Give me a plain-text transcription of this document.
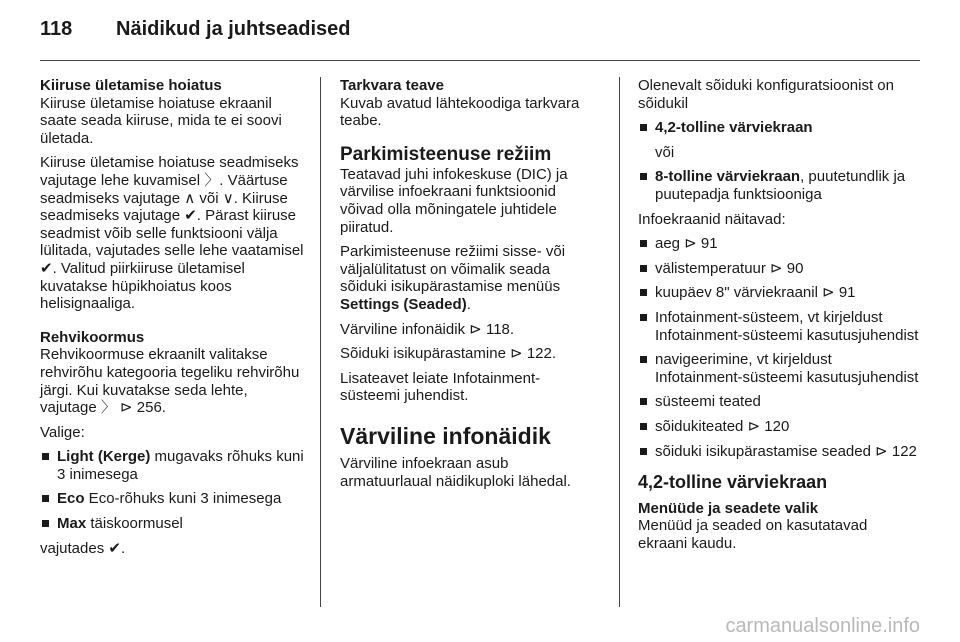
118 Näidikud ja juhtseadised
Kiiruse ületamise hoiatus
Kiiruse ületamise hoiatuse ekraanil saate seada kiiruse, mida te ei soovi ületada.
Kiiruse ületamise hoiatuse seadmiseks vajutage lehe kuvamisel 〉. Väärtuse seadmiseks vajutage ∧ või ∨. Kiiruse seadmiseks vajutage ✔. Pärast kiiruse seadmist võib selle funktsiooni välja lülitada, vajutades selle lehe vaatamisel ✔. Valitud piirkiiruse ületamisel kuvatakse hüpikhoiatus koos helisignaaliga.
Rehvikoormus
Rehvikoormuse ekraanilt valitakse rehvirõhu kategooria tegeliku rehvirõhu järgi. Kui kuvatakse seda lehte, vajutage 〉 ⊳ 256.
Valige:
Light (Kerge) mugavaks rõhuks kuni 3 inimesega
Eco Eco-rõhuks kuni 3 inimesega
Max täiskoormusel
vajutades ✔.
Tarkvara teave
Kuvab avatud lähtekoodiga tarkvara teabe.
Parkimisteenuse režiim
Teatavad juhi infokeskuse (DIC) ja värvilise infoekraani funktsioonid võivad olla mõningatele juhtidele piiratud.
Parkimisteenuse režiimi sisse- või väljalülitatust on võimalik seada sõiduki isikupärastamise menüüs Settings (Seaded).
Värviline infonäidik ⊳ 118.
Sõiduki isikupärastamine ⊳ 122.
Lisateavet leiate Infotainment-süsteemi juhendist.
Värviline infonäidik
Värviline infoekraan asub armatuurlaual näidikuploki lähedal.
Olenevalt sõiduki konfiguratsioonist on sõidukil
4,2-tolline värviekraan
või
8-tolline värviekraan, puutetundlik ja puutepadja funktsiooniga
Infoekraanid näitavad:
aeg ⊳ 91
välistemperatuur ⊳ 90
kuupäev 8" värviekraanil ⊳ 91
Infotainment-süsteem, vt kirjeldust Infotainment-süsteemi kasutusjuhendist
navigeerimine, vt kirjeldust Infotainment-süsteemi kasutusjuhendist
süsteemi teated
sõidukiteated ⊳ 120
sõiduki isikupärastamise seaded ⊳ 122
4,2-tolline värviekraan
Menüüde ja seadete valik
Menüüd ja seaded on kasutatavad ekraani kaudu.
carmanualsonline.info
